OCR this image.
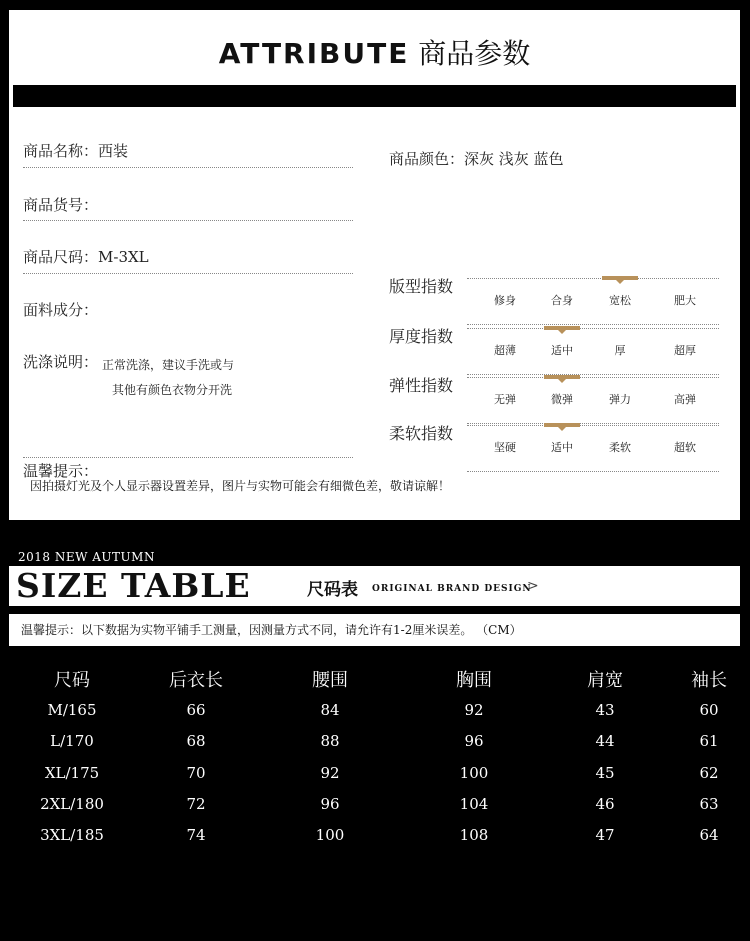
ATTRIBUTE 商品参数
商品名称：西装
商品货号：
商品尺码：M-3XL
面料成分：
洗涤说明： 正常洗涤，建议手洗或与
其他有颜色衣物分开洗
温馨提示：
商品颜色：深灰 浅灰 蓝色
版型指数
修身	合身	宽松	肥大
厚度指数
超薄	适中	厚	超厚
弹性指数
无弹	微弹	弹力	高弹
柔软指数
坚硬	适中	柔软	超软
因拍摄灯光及个人显示器设置差异，图片与实物可能会有细微色差，敬请谅解！
2018 NEW AUTUMN
SIZE TABLE	尺码表 ORIGINAL BRAND DESIGN
>
温馨提示：以下数据为实物平铺手工测量，因测量方式不同，请允许有1-2厘米误差。 （CM）
尺码	后衣长	腰围	胸围	肩宽	袖长
M/165	66	84	92	43	60
L/170	68	88	96	44	61
XL/175	70	92	100	45	62
2XL/180	72	96	104	46	63
3XL/185	74	100	108	47	64
